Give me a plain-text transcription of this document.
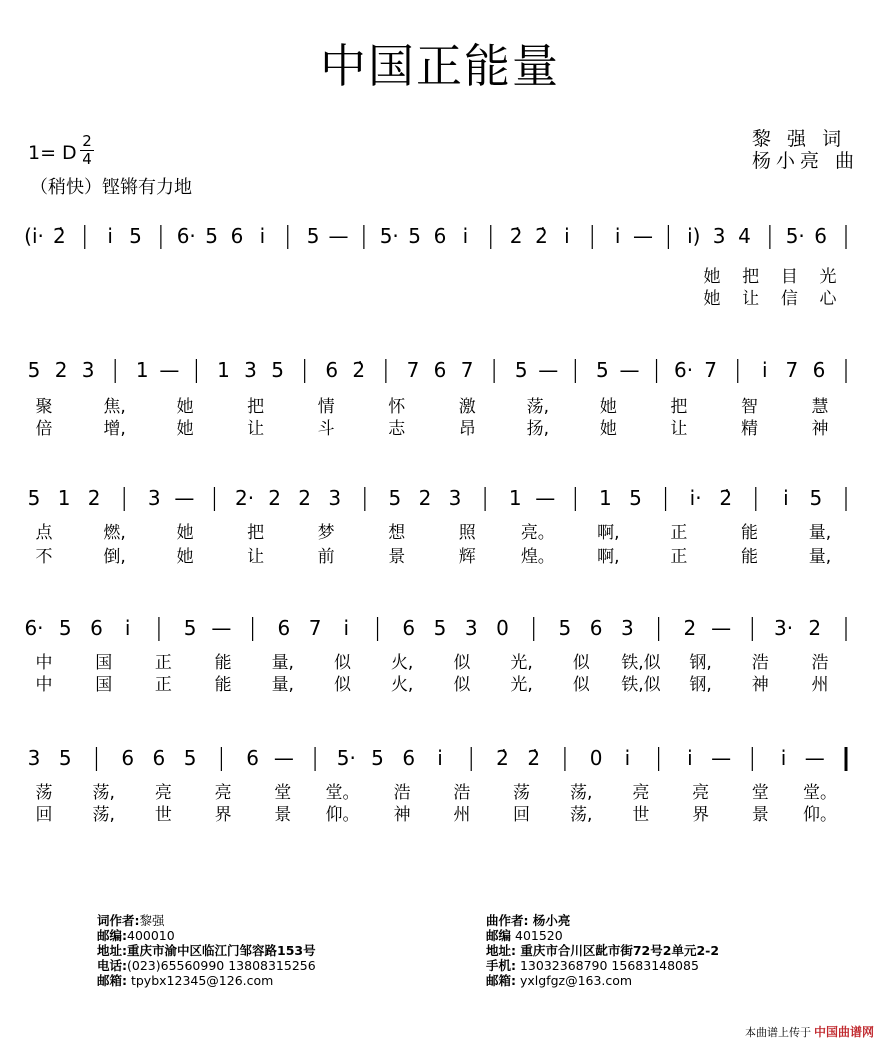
中国正能量
黎 强 词
杨小亮 曲
1= D
2
4
（稍快）铿锵有力地
(i· 2̇ i 5 6· 5 6 i 5 — 5· 5 6 i 2̇ 2̇ i i — i) 3 4 5· 6
她 把 目 光
她 让 信 心
5 2 3 1 — 1 3 5 6 2̇ 7 6 7 5 — 5 — 6· 7 i 7 6
聚	焦,	她	把	情	怀	激	荡,	她	把	智	慧
倍	增,	她	让	斗	志	昂	扬,	她	让	精	神
5 1 2 3 — 2· 2 2 3 5 2 3 1 — 1 5 i· 2̇	i 5
点	燃,	她	把	梦	想	照	亮。 啊,	正	能	量,
不	倒,	她	让	前	景	辉	煌。 啊,	正	能	量,
6· 5 6 i	5 — 6 7 i	6 5 3 0 5 6 3 2 — 3· 2
中	国	正	能 量, 似 火, 似 光, 似 铁,似 钢, 浩	浩
中	国	正	能 量, 似 火, 似 光, 似 铁,似 钢, 神	州
3 5 6 6 5 6 — 5· 5 6 i	2̇ 2̇ 0 i	i — i —
荡 荡, 亮	亮	堂 堂。 浩	浩	荡 荡, 亮	亮	堂 堂。
回 荡, 世	界	景 仰。 神	州	回 荡, 世	界	景 仰。
词作者:黎强
邮编:400010
地址:重庆市渝中区临江门邹容路153号
电话:(023)65560990 13808315256
邮箱: tpybx12345@126.com
曲作者: 杨小亮
邮编 401520
地址: 重庆市合川区龀市街72号2单元2-2
手机: 13032368790 15683148085
邮箱: yxlgfgz@163.com
本曲谱上传于 中国曲谱网
